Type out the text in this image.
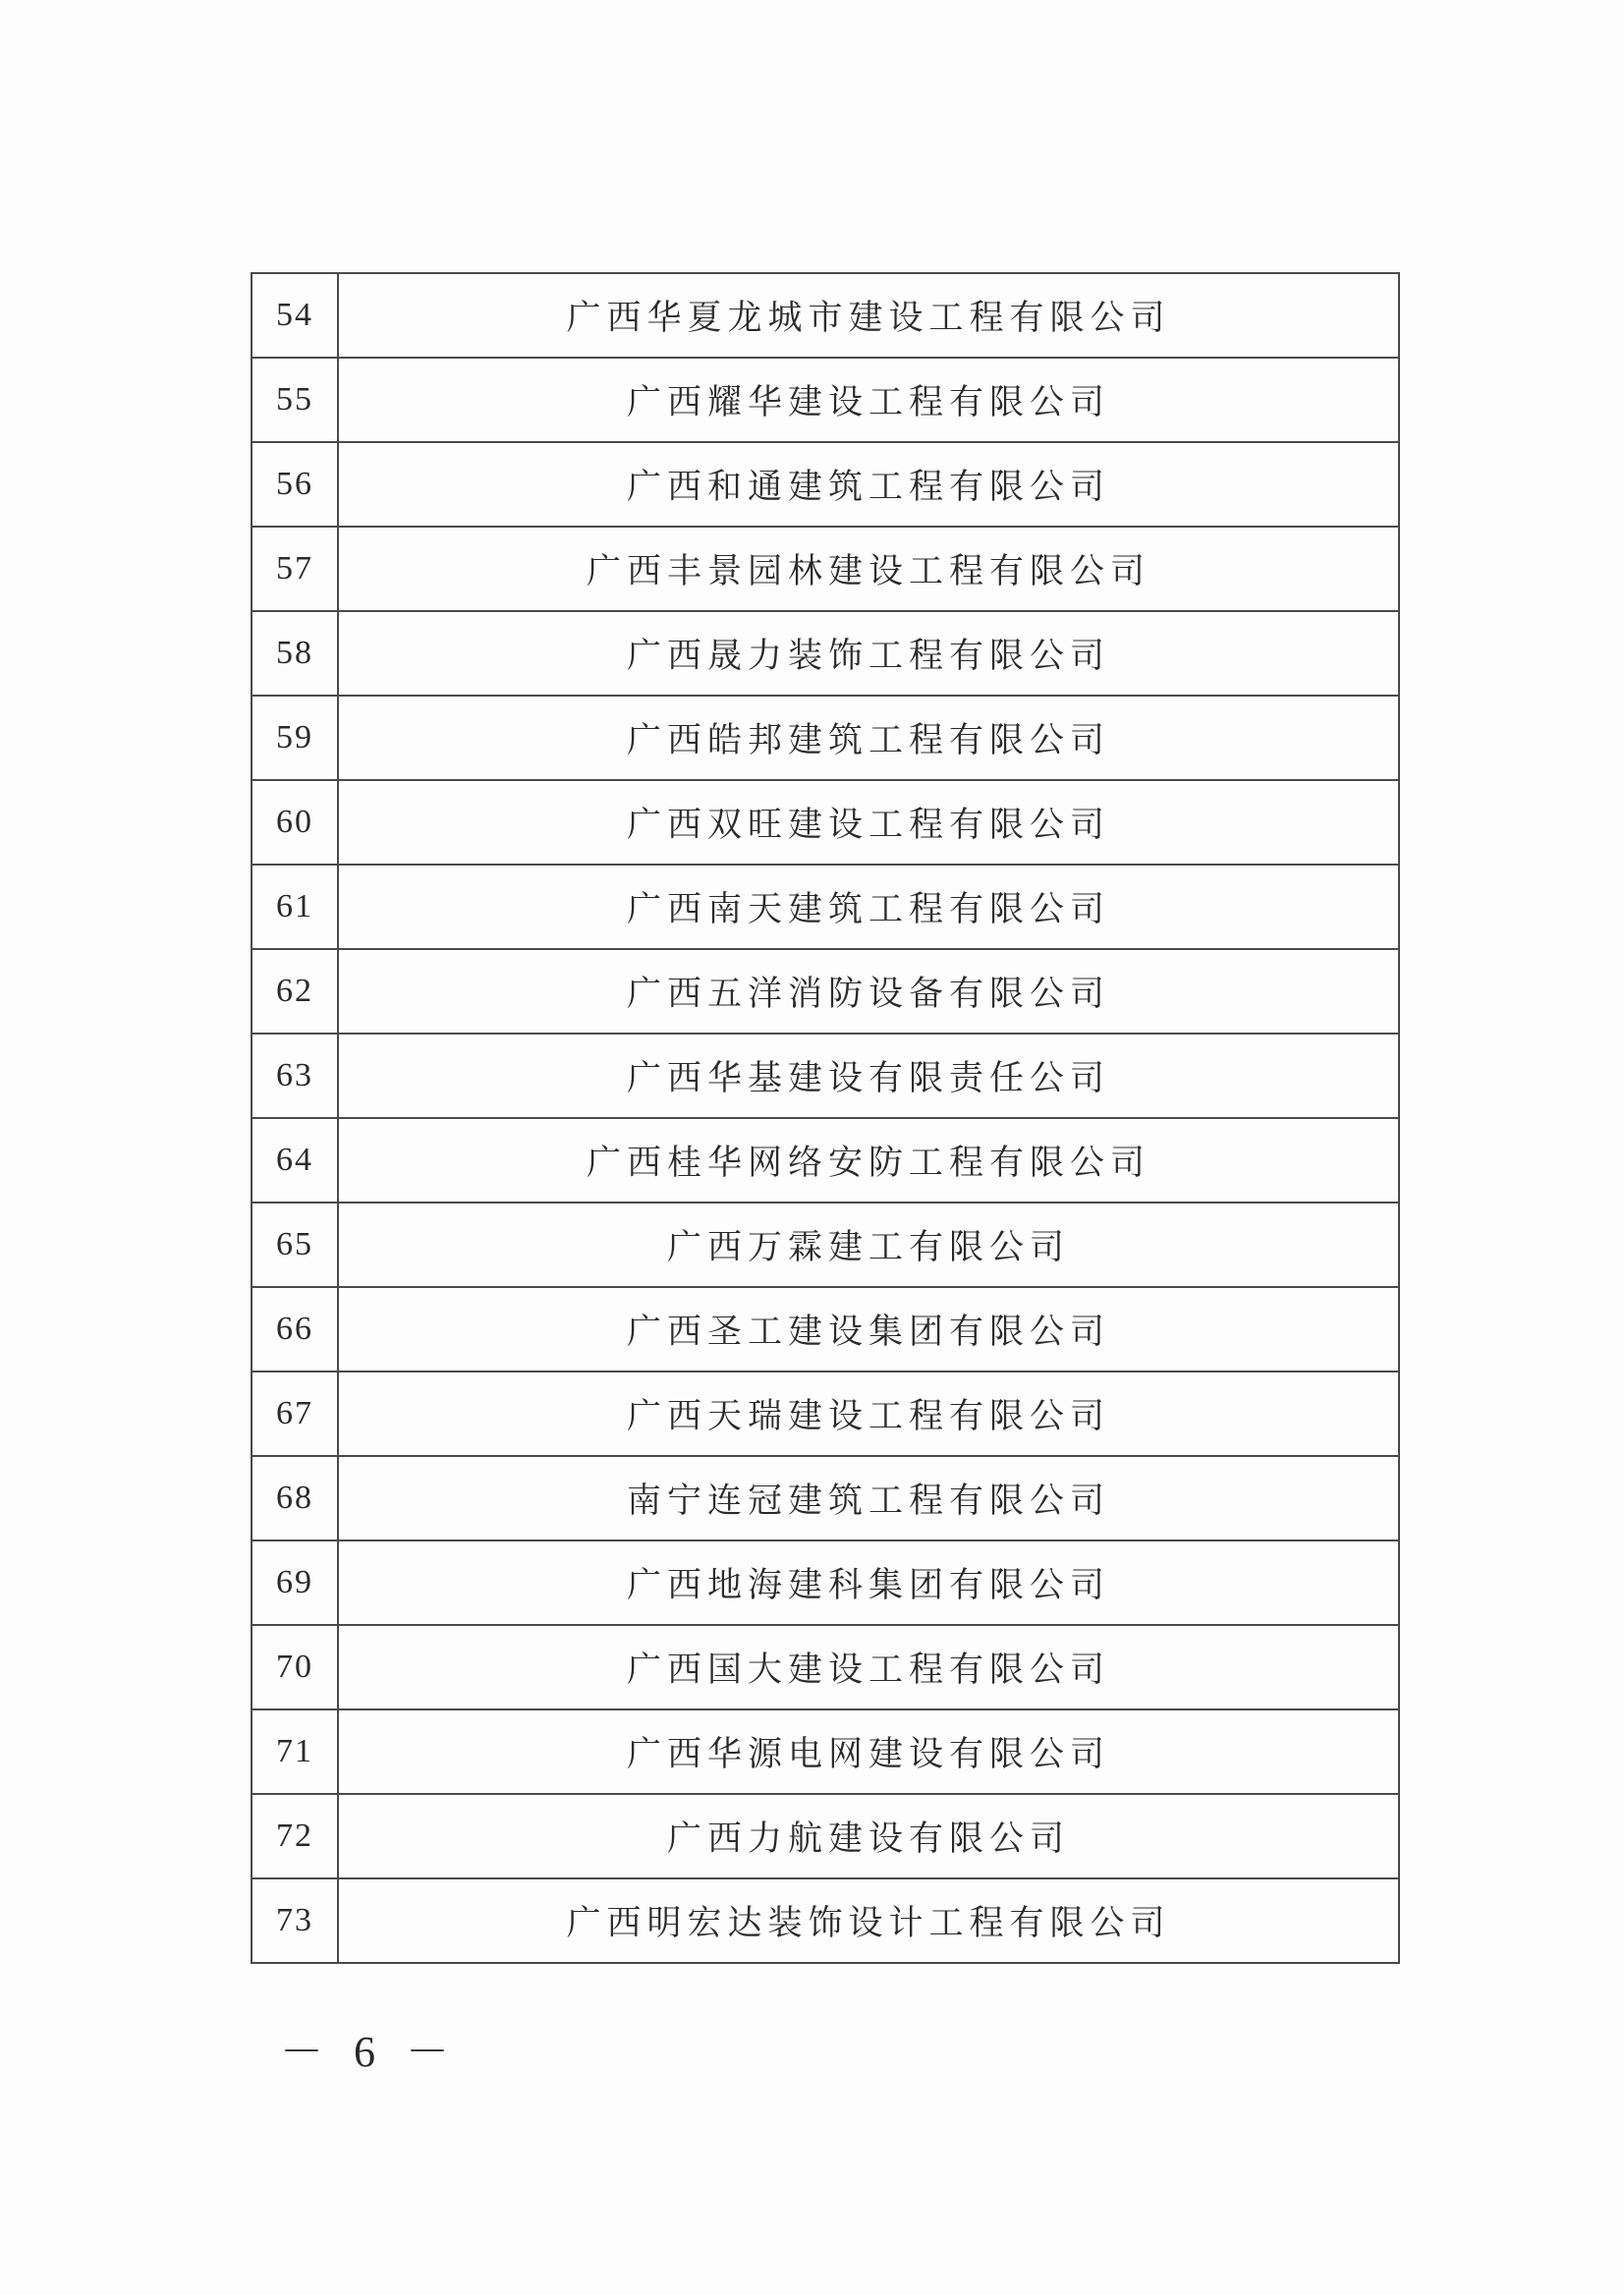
54	广西华夏龙城市建设工程有限公司
55	广西耀华建设工程有限公司
56	广西和通建筑工程有限公司
57	广西丰景园林建设工程有限公司
58	广西晟力装饰工程有限公司
59	广西皓邦建筑工程有限公司
60	广西双旺建设工程有限公司
61	广西南天建筑工程有限公司
62	广西五洋消防设备有限公司
63	广西华基建设有限责任公司
64	广西桂华网络安防工程有限公司
65	广西万霖建工有限公司
66	广西圣工建设集团有限公司
67	广西天瑞建设工程有限公司
68	南宁连冠建筑工程有限公司
69	广西地海建科集团有限公司
70	广西国大建设工程有限公司
71	广西华源电网建设有限公司
72	广西力航建设有限公司
73	广西明宏达装饰设计工程有限公司
－ 6 －
